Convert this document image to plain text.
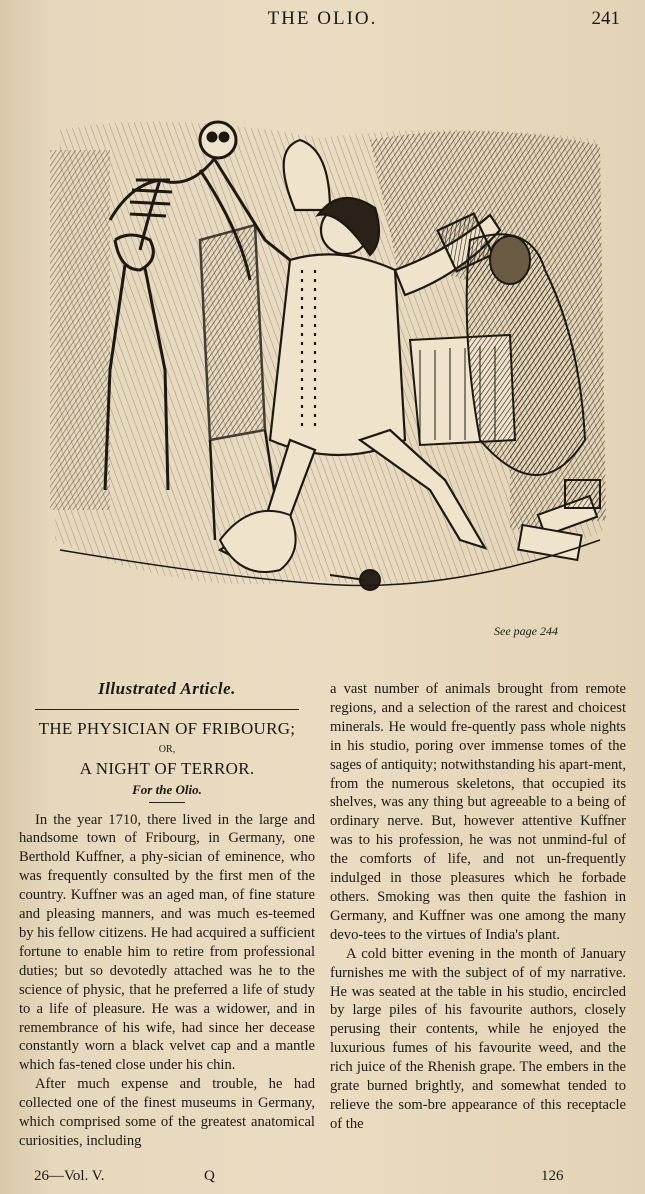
THE OLIO.	241
See page 244
Illustrated Article.
THE PHYSICIAN OF FRIBOURG;
OR,
A NIGHT OF TERROR.
For the Olio.

In the year 1710, there lived in the large and handsome town of Fribourg, in Germany, one Berthold Kuffner, a phy-sician of eminence, who was frequently consulted by the first men of the country. Kuffner was an aged man, of fine stature and pleasing manners, and was much es-teemed by his fellow citizens. He had acquired a sufficient fortune to enable him to retire from professional duties; but so devotedly attached was he to the science of physic, that he preferred a life of study to a life of pleasure. He was a widower, and in remembrance of his wife, had since her decease constantly worn a black velvet cap and a mantle which fas-tened close under his chin.

After much expense and trouble, he had collected one of the finest museums in Germany, which comprised some of the greatest anatomical curiosities, including

a vast number of animals brought from remote regions, and a selection of the rarest and choicest minerals. He would fre-quently pass whole nights in his studio, poring over immense tomes of the sages of antiquity; notwithstanding his apart-ment, from the numerous skeletons, that occupied its shelves, was any thing but agreeable to a being of ordinary nerve. But, however attentive Kuffner was to his profession, he was not unmind-ful of the comforts of life, and not un-frequently indulged in those pleasures which he forbade others. Smoking was then quite the fashion in Germany, and Kuffner was one among the many devo-tees to the virtues of India's plant.

A cold bitter evening in the month of January furnishes me with the subject of of my narrative. He was seated at the table in his studio, encircled by large piles of his favourite authors, closely perusing their contents, while he enjoyed the luxurious fumes of his favourite weed, and the rich juice of the Rhenish grape. The embers in the grate burned brightly, and somewhat tended to relieve the som-bre appearance of this receptacle of the

26—Vol. V.	Q	126
